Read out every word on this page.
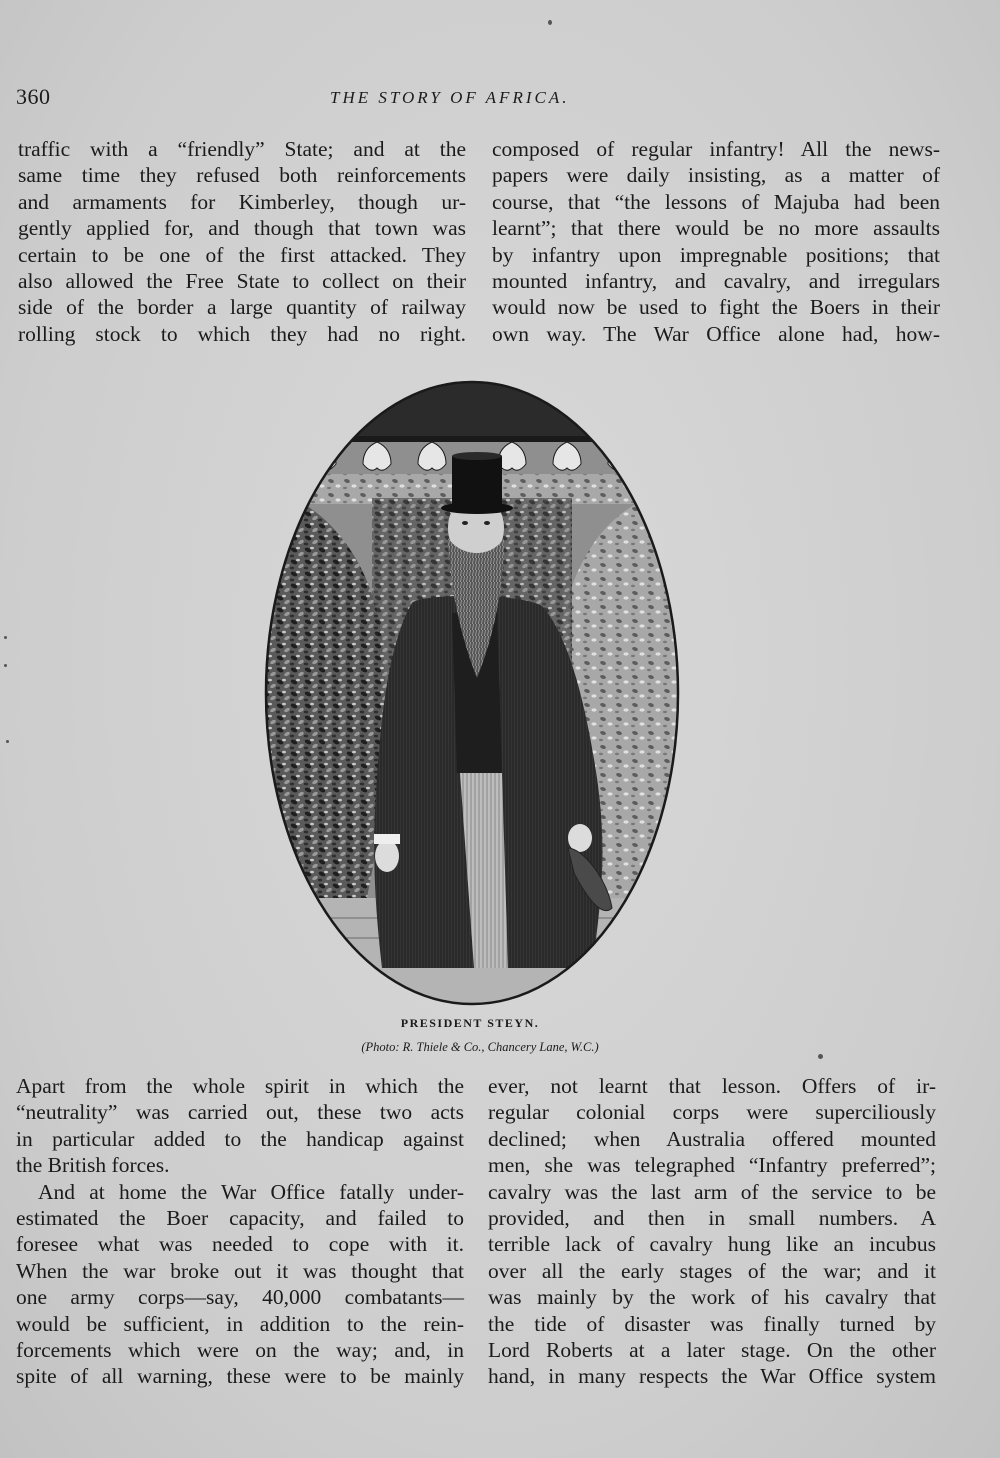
360	THE STORY OF AFRICA.
traffic with a “friendly” State; and at the
same time they refused both reinforcements
and armaments for Kimberley, though ur-
gently applied for, and though that town was
certain to be one of the first attacked. They
also allowed the Free State to collect on their
side of the border a large quantity of railway
rolling stock to which they had no right.
composed of regular infantry! All the news-
papers were daily insisting, as a matter of
course, that “the lessons of Majuba had been
learnt”; that there would be no more assaults
by infantry upon impregnable positions; that
mounted infantry, and cavalry, and irregulars
would now be used to fight the Boers in their
own way. The War Office alone had, how-
PRESIDENT STEYN.
(Photo: R. Thiele & Co., Chancery Lane, W.C.)
Apart from the whole spirit in which the
“neutrality” was carried out, these two acts
in particular added to the handicap against
the British forces.
And at home the War Office fatally under-
estimated the Boer capacity, and failed to
foresee what was needed to cope with it.
When the war broke out it was thought that
one army corps—say, 40,000 combatants—
would be sufficient, in addition to the rein-
forcements which were on the way; and, in
spite of all warning, these were to be mainly
ever, not learnt that lesson. Offers of ir-
regular colonial corps were superciliously
declined; when Australia offered mounted
men, she was telegraphed “Infantry preferred”;
cavalry was the last arm of the service to be
provided, and then in small numbers. A
terrible lack of cavalry hung like an incubus
over all the early stages of the war; and it
was mainly by the work of his cavalry that
the tide of disaster was finally turned by
Lord Roberts at a later stage. On the other
hand, in many respects the War Office system
